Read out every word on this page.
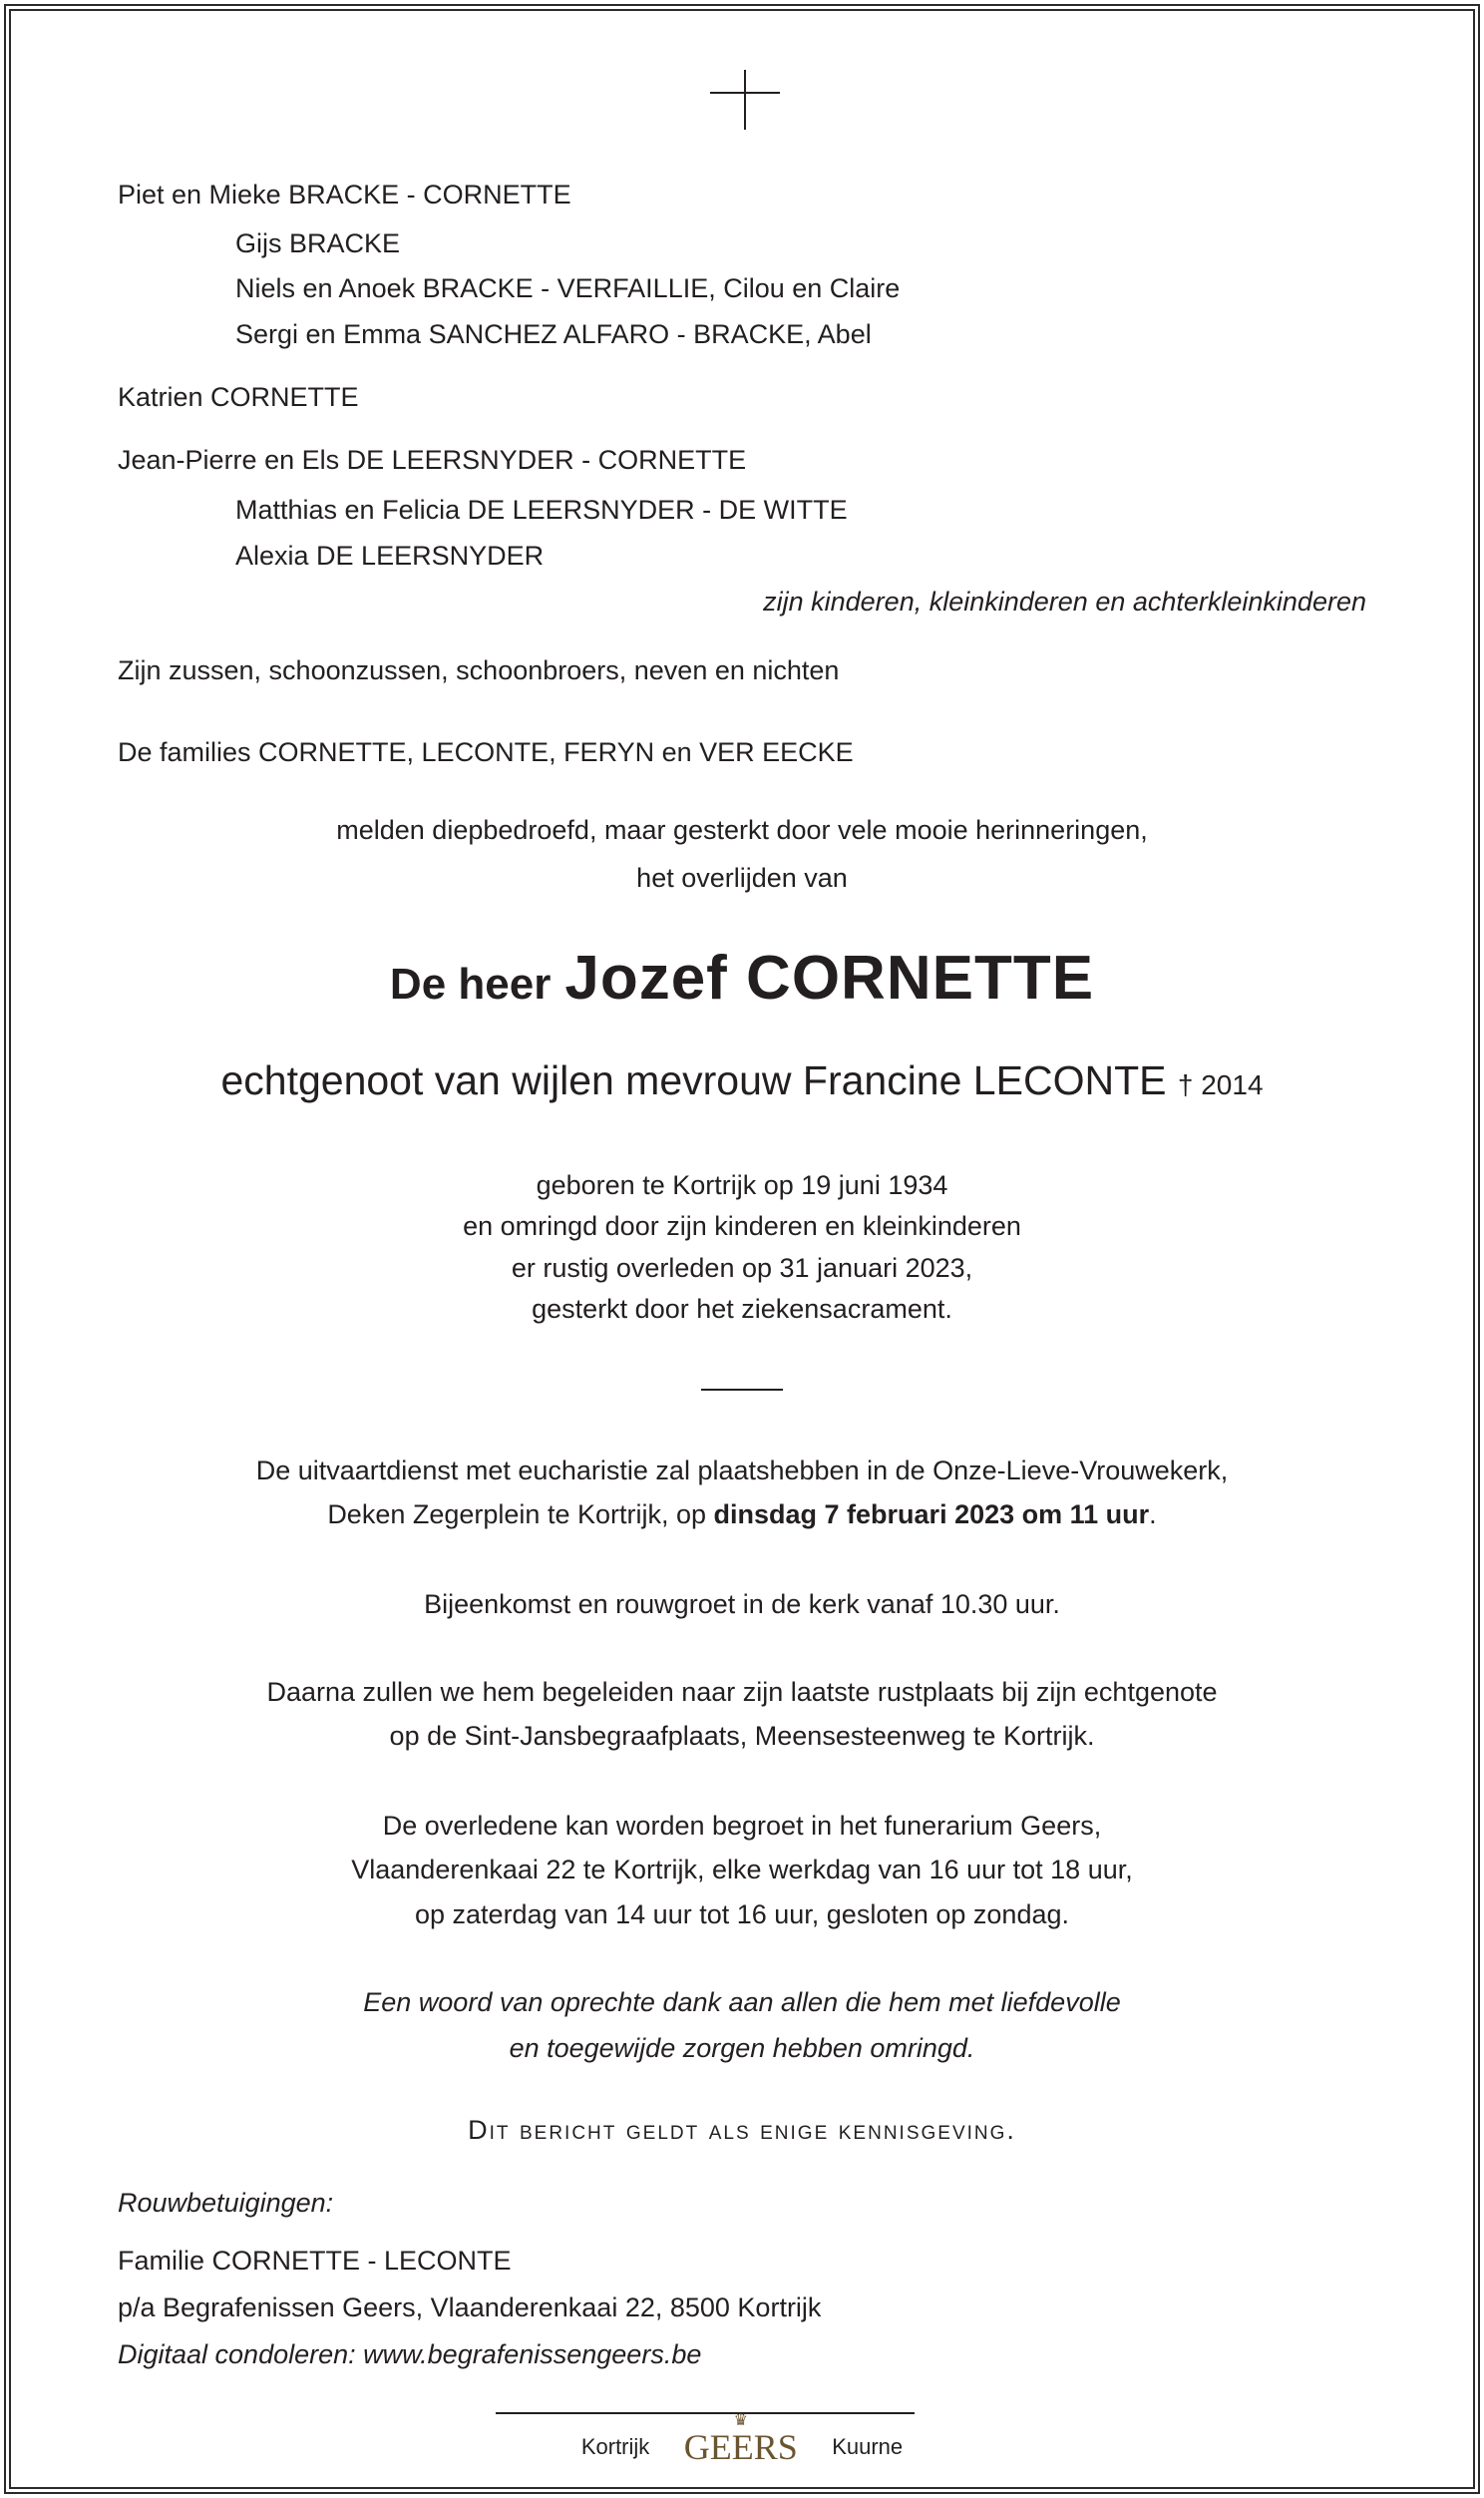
Piet en Mieke BRACKE - CORNETTE
Gijs BRACKE
Niels en Anoek BRACKE - VERFAILLIE, Cilou en Claire
Sergi en Emma SANCHEZ ALFARO - BRACKE, Abel
Katrien CORNETTE
Jean-Pierre en Els DE LEERSNYDER - CORNETTE
Matthias en Felicia DE LEERSNYDER - DE WITTE
Alexia DE LEERSNYDER
zijn kinderen, kleinkinderen en achterkleinkinderen
Zijn zussen, schoonzussen, schoonbroers, neven en nichten
De families CORNETTE, LECONTE, FERYN en VER EECKE
melden diepbedroefd, maar gesterkt door vele mooie herinneringen,
het overlijden van
De heer Jozef CORNETTE
echtgenoot van wijlen mevrouw Francine LECONTE † 2014
geboren te Kortrijk op 19 juni 1934
en omringd door zijn kinderen en kleinkinderen
er rustig overleden op 31 januari 2023,
gesterkt door het ziekensacrament.
De uitvaartdienst met eucharistie zal plaatshebben in de Onze-Lieve-Vrouwekerk,
Deken Zegerplein te Kortrijk, op dinsdag 7 februari 2023 om 11 uur.
Bijeenkomst en rouwgroet in de kerk vanaf 10.30 uur.
Daarna zullen we hem begeleiden naar zijn laatste rustplaats bij zijn echtgenote
op de Sint-Jansbegraafplaats, Meensesteenweg te Kortrijk.
De overledene kan worden begroet in het funerarium Geers,
Vlaanderenkaai 22 te Kortrijk, elke werkdag van 16 uur tot 18 uur,
op zaterdag van 14 uur tot 16 uur, gesloten op zondag.
Een woord van oprechte dank aan allen die hem met liefdevolle
en toegewijde zorgen hebben omringd.
Dit bericht geldt als enige kennisgeving.
Rouwbetuigingen:
Familie CORNETTE - LECONTE
p/a Begrafenissen Geers, Vlaanderenkaai 22, 8500 Kortrijk
Digitaal condoleren: www.begrafenissengeers.be
Kortrijk
♛
GEERS Kuurne
